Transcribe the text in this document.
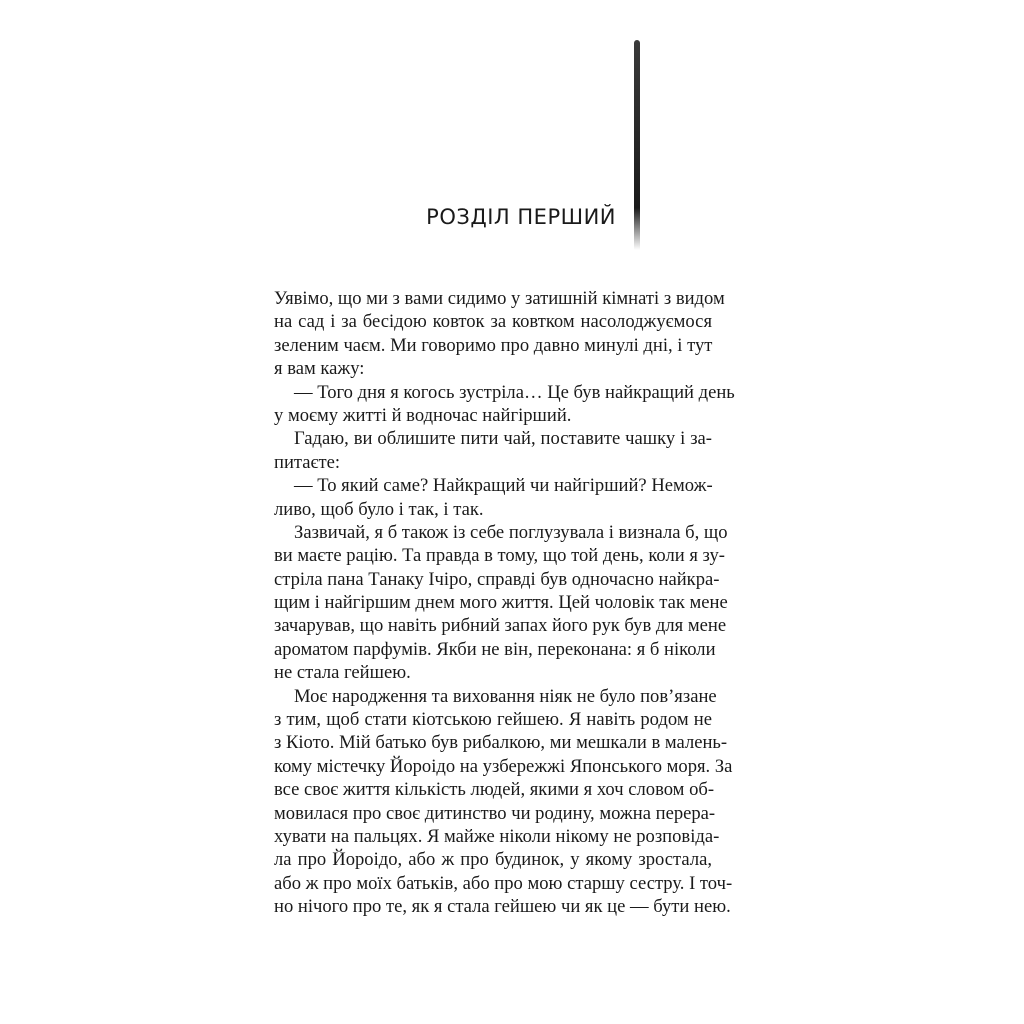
РОЗДІЛ ПЕРШИЙ
Уявімо, що ми з вами сидимо у затишній кімнаті з видом
на сад і за бесідою ковток за ковтком насолоджуємося
зеленим чаєм. Ми говоримо про давно минулі дні, і тут
я вам кажу:
— Того дня я когось зустріла… Це був найкращий день
у моєму житті й водночас найгірший.
Гадаю, ви облишите пити чай, поставите чашку і за-
питаєте:
— То який саме? Найкращий чи найгірший? Немож-
ливо, щоб було і так, і так.
Зазвичай, я б також із себе поглузувала і визнала б, що
ви маєте рацію. Та правда в тому, що той день, коли я зу-
стріла пана Танаку Ічіро, справді був одночасно найкра-
щим і найгіршим днем мого життя. Цей чоловік так мене
зачарував, що навіть рибний запах його рук був для мене
ароматом парфумів. Якби не він, переконана: я б ніколи
не стала гейшею.
Моє народження та виховання ніяк не було пов’язане
з тим, щоб стати кіотською гейшею. Я навіть родом не
з Кіото. Мій батько був рибалкою, ми мешкали в малень-
кому містечку Йороідо на узбережжі Японського моря. За
все своє життя кількість людей, якими я хоч словом об-
мовилася про своє дитинство чи родину, можна перера-
хувати на пальцях. Я майже ніколи нікому не розповіда-
ла про Йороідо, або ж про будинок, у якому зростала,
або ж про моїх батьків, або про мою старшу сестру. І точ-
но нічого про те, як я стала гейшею чи як це — бути нею.
